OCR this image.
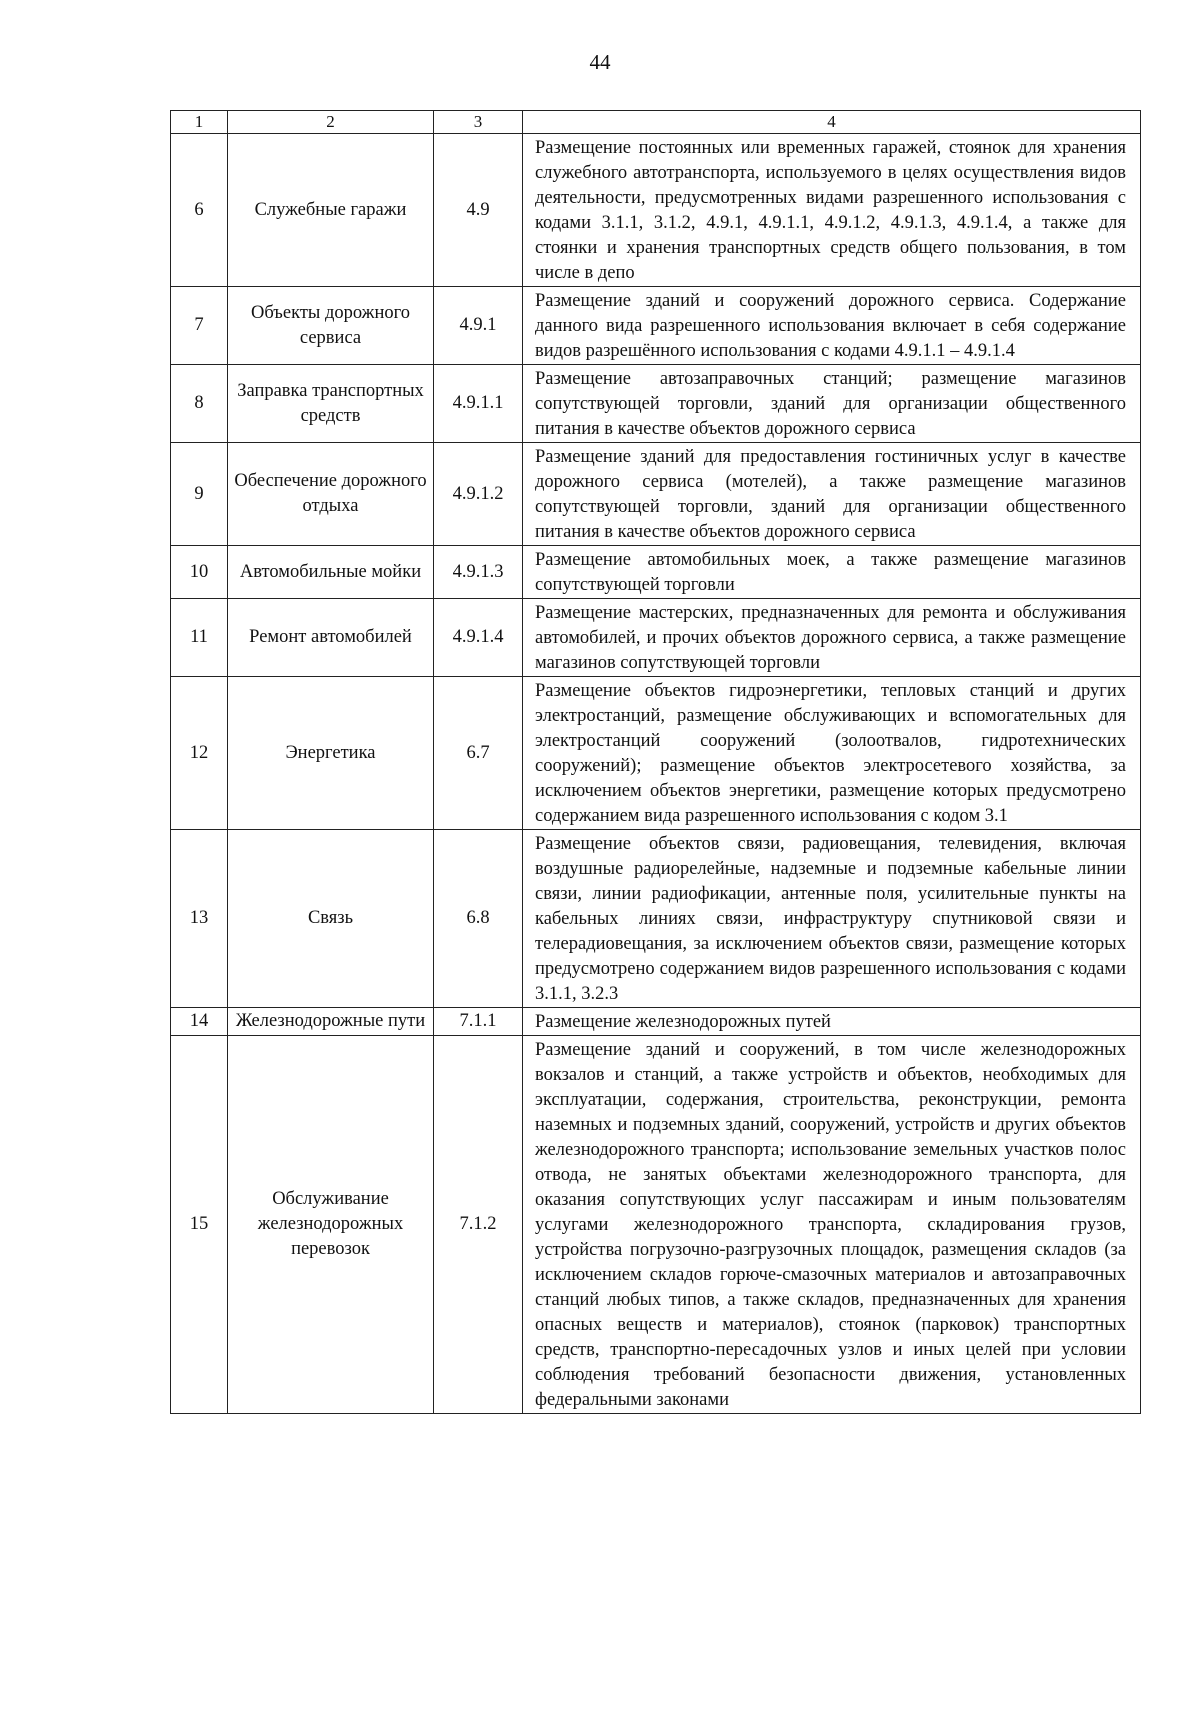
44
1	2	3	4
6	Служебные гаражи	4.9	Размещение постоянных или временных гаражей, стоянок для хранения служебного автотранспорта, используемого в целях осуществления видов деятельности, предусмотренных видами разрешенного использования с кодами 3.1.1, 3.1.2, 4.9.1, 4.9.1.1, 4.9.1.2, 4.9.1.3, 4.9.1.4, а также для стоянки и хранения транспортных средств общего пользования, в том числе в депо
7	Объекты дорожного сервиса	4.9.1	Размещение зданий и сооружений дорожного сервиса. Содержание данного вида разрешенного использования включает в себя содержание видов разрешённого использования с кодами 4.9.1.1 – 4.9.1.4
8	Заправка транспортных средств	4.9.1.1	Размещение автозаправочных станций; размещение магазинов сопутствующей торговли, зданий для организации общественного питания в качестве объектов дорожного сервиса
9	Обеспечение дорожного отдыха	4.9.1.2	Размещение зданий для предоставления гостиничных услуг в качестве дорожного сервиса (мотелей), а также размещение магазинов сопутствующей торговли, зданий для организации общественного питания в качестве объектов дорожного сервиса
10	Автомобильные мойки	4.9.1.3	Размещение автомобильных моек, а также размещение магазинов сопутствующей торговли
11	Ремонт автомобилей	4.9.1.4	Размещение мастерских, предназначенных для ремонта и обслуживания автомобилей, и прочих объектов дорожного сервиса, а также размещение магазинов сопутствующей торговли
12	Энергетика	6.7	Размещение объектов гидроэнергетики, тепловых станций и других электростанций, размещение обслуживающих и вспомогательных для электростанций сооружений (золоотвалов, гидротехнических сооружений); размещение объектов электросетевого хозяйства, за исключением объектов энергетики, размещение которых предусмотрено содержанием вида разрешенного использования с кодом 3.1
13	Связь	6.8	Размещение объектов связи, радиовещания, телевидения, включая воздушные радиорелейные, надземные и подземные кабельные линии связи, линии радиофикации, антенные поля, усилительные пункты на кабельных линиях связи, инфраструктуру спутниковой связи и телерадиовещания, за исключением объектов связи, размещение которых предусмотрено содержанием видов разрешенного использования с кодами 3.1.1, 3.2.3
14	Железнодорожные пути	7.1.1	Размещение железнодорожных путей
15	Обслуживание железнодорожных перевозок	7.1.2	Размещение зданий и сооружений, в том числе железнодорожных вокзалов и станций, а также устройств и объектов, необходимых для эксплуатации, содержания, строительства, реконструкции, ремонта наземных и подземных зданий, сооружений, устройств и других объектов железнодорожного транспорта; использование земельных участков полос отвода, не занятых объектами железнодорожного транспорта, для оказания сопутствующих услуг пассажирам и иным пользователям услугами железнодорожного транспорта, складирования грузов, устройства погрузочно-разгрузочных площадок, размещения складов (за исключением складов горюче-смазочных материалов и автозаправочных станций любых типов, а также складов, предназначенных для хранения опасных веществ и материалов), стоянок (парковок) транспортных средств, транспортно-пересадочных узлов и иных целей при условии соблюдения требований безопасности движения, установленных федеральными законами
